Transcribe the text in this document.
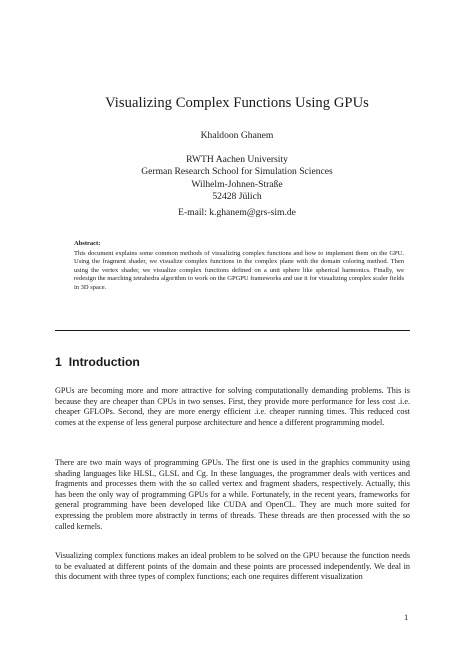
Visualizing Complex Functions Using GPUs
Khaldoon Ghanem
RWTH Aachen University
German Research School for Simulation Sciences
Wilhelm-Johnen-Straße
52428 Jülich
E-mail: k.ghanem@grs-sim.de
Abstract:
This document explains some common methods of visualizing complex functions and how to implement them on the GPU. Using the fragment shader, we visualize complex functions in the complex plane with the domain coloring method. Then using the vertex shader, we visualize complex functions defined on a unit sphere like spherical harmonics. Finally, we redesign the marching tetrahedra algorithm to work on the GPGPU frameworks and use it for visualizing complex scaler fields in 3D space.
1 Introduction

GPUs are becoming more and more attractive for solving computationally demanding problems. This is because they are cheaper than CPUs in two senses. First, they provide more performance for less cost .i.e. cheaper GFLOPs. Second, they are more energy efficient .i.e. cheaper running times. This reduced cost comes at the expense of less general purpose architecture and hence a different programming model.

There are two main ways of programming GPUs. The first one is used in the graphics community using shading languages like HLSL, GLSL and Cg. In these languages, the programmer deals with vertices and fragments and processes them with the so called vertex and fragment shaders, respectively. Actually, this has been the only way of programming GPUs for a while. Fortunately, in the recent years, frameworks for general programming have been developed like CUDA and OpenCL. They are much more suited for expressing the problem more abstractly in terms of threads. These threads are then processed with the so called kernels.

Visualizing complex functions makes an ideal problem to be solved on the GPU because the function needs to be evaluated at different points of the domain and these points are processed independently. We deal in this document with three types of complex functions; each one requires different visualization

1
